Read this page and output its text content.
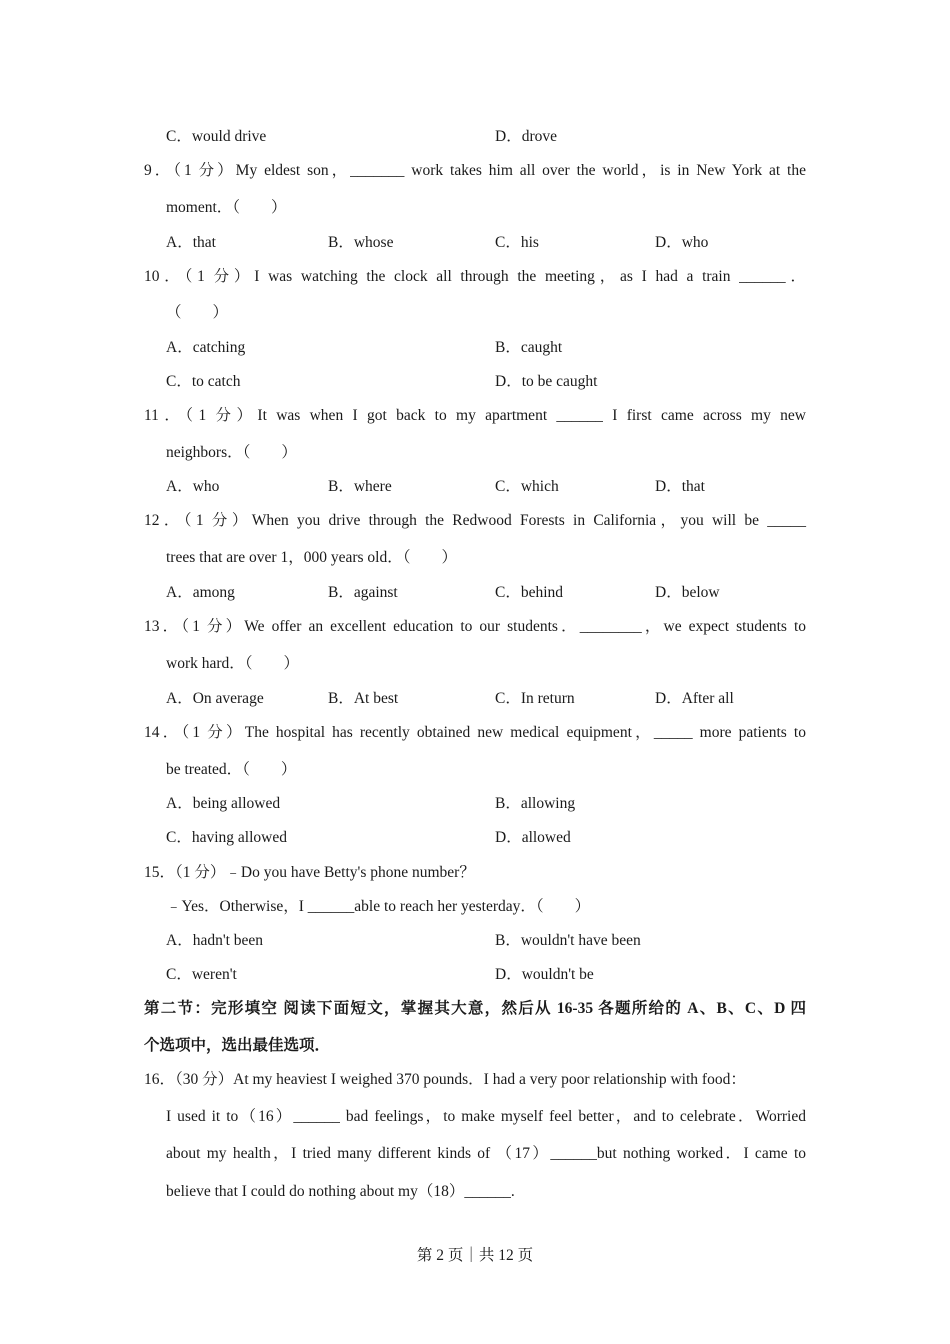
C．would drive	D．drove
9．（1 分）My eldest son，_______ work takes him all over the world，is in New York at the
moment．（　　）
A．that	B．whose	C．his	D．who
10．（1 分）I was watching the clock all through the meeting，as I had a train ______．
（　　）
A．catching	B．caught
C．to catch	D．to be caught
11．（1 分）It was when I got back to my apartment ______ I first came across my new
neighbors．（　　）
A．who	B．where	C．which	D．that
12．（1 分）When you drive through the Redwood Forests in California，you will be _____
trees that are over 1，000 years old．（　　）
A．among	B．against	C．behind	D．below
13．（1 分）We offer an excellent education to our students．________，we expect students to
work hard．（　　）
A．On average	B．At best	C．In return	D．After all
14．（1 分）The hospital has recently obtained new medical equipment，_____ more patients to
be treated．（　　）
A．being allowed	B．allowing
C．having allowed	D．allowed
15．（1 分）﹣Do you have Betty's phone number？
﹣Yes．Otherwise，I ______able to reach her yesterday．（　　）
A．hadn't been	B．wouldn't have been
C．weren't	D．wouldn't be
第二节：完形填空 阅读下面短文，掌握其大意，然后从 16-35 各题所给的 A、B、C、D 四
个选项中，选出最佳选项．
16．（30 分）At my heaviest I weighed 370 pounds．I had a very poor relationship with food：
I used it to（16）______ bad feelings，to make myself feel better，and to celebrate．Worried
about my health，I tried many different kinds of （17）______but nothing worked．I came to
believe that I could do nothing about my（18）______.
第 2 页｜共 12 页
